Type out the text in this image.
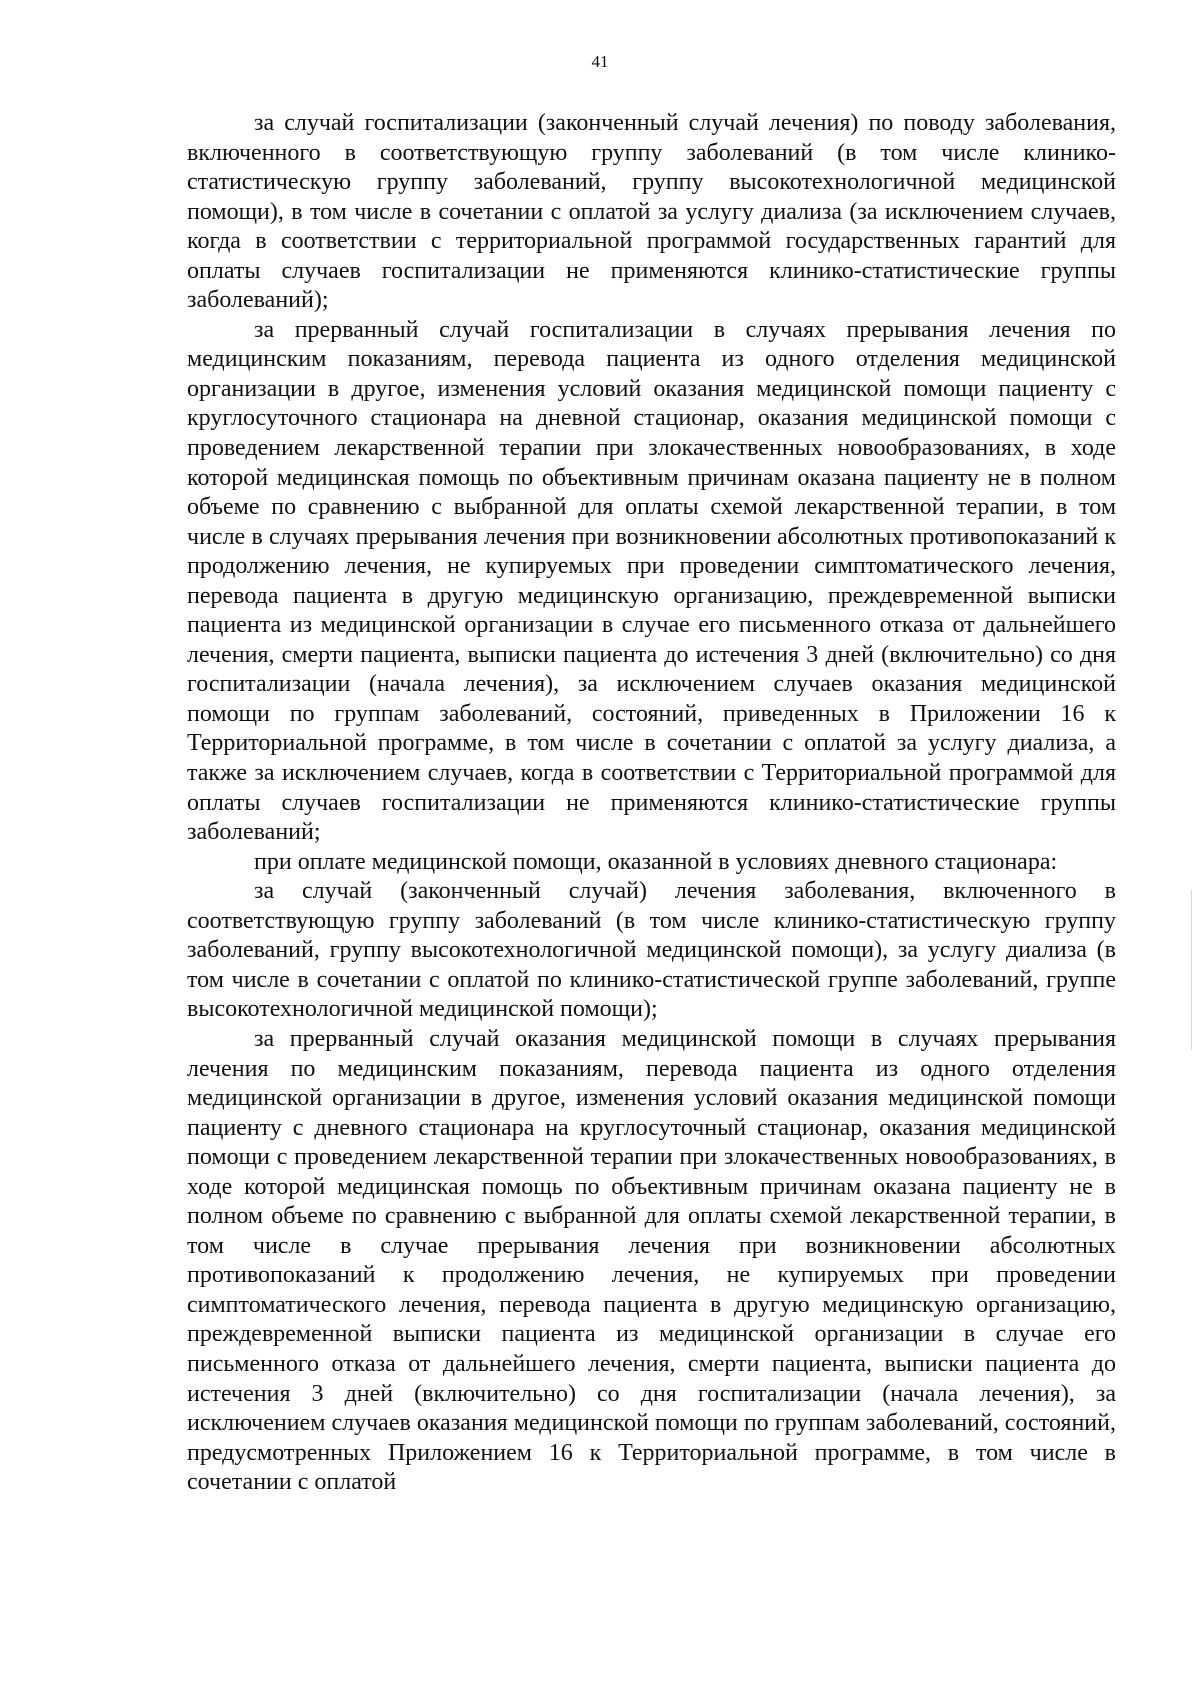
41

за случай госпитализации (законченный случай лечения) по поводу заболевания, включенного в соответствующую группу заболеваний (в том числе клинико-статистическую группу заболеваний, группу высокотехнологичной медицинской помощи), в том числе в сочетании с оплатой за услугу диализа (за исключением случаев, когда в соответствии с территориальной программой государственных гарантий для оплаты случаев госпитализации не применяются клинико-статистические группы заболеваний);

за прерванный случай госпитализации в случаях прерывания лечения по медицинским показаниям, перевода пациента из одного отделения медицинской организации в другое, изменения условий оказания медицинской помощи пациенту с круглосуточного стационара на дневной стационар, оказания медицинской помощи с проведением лекарственной терапии при злокачественных новообразованиях, в ходе которой медицинская помощь по объективным причинам оказана пациенту не в полном объеме по сравнению с выбранной для оплаты схемой лекарственной терапии, в том числе в случаях прерывания лечения при возникновении абсолютных противопоказаний к продолжению лечения, не купируемых при проведении симптоматического лечения, перевода пациента в другую медицинскую организацию, преждевременной выписки пациента из медицинской организации в случае его письменного отказа от дальнейшего лечения, смерти пациента, выписки пациента до истечения 3 дней (включительно) со дня госпитализации (начала лечения), за исключением случаев оказания медицинской помощи по группам заболеваний, состояний, приведенных в Приложении 16 к Территориальной программе, в том числе в сочетании с оплатой за услугу диализа, а также за исключением случаев, когда в соответствии с Территориальной программой для оплаты случаев госпитализации не применяются клинико-статистические группы заболеваний;

при оплате медицинской помощи, оказанной в условиях дневного стационара:

за случай (законченный случай) лечения заболевания, включенного в соответствующую группу заболеваний (в том числе клинико-статистическую группу заболеваний, группу высокотехнологичной медицинской помощи), за услугу диализа (в том числе в сочетании с оплатой по клинико-статистической группе заболеваний, группе высокотехнологичной медицинской помощи);

за прерванный случай оказания медицинской помощи в случаях прерывания лечения по медицинским показаниям, перевода пациента из одного отделения медицинской организации в другое, изменения условий оказания медицинской помощи пациенту с дневного стационара на круглосуточный стационар, оказания медицинской помощи с проведением лекарственной терапии при злокачественных новообразованиях, в ходе которой медицинская помощь по объективным причинам оказана пациенту не в полном объеме по сравнению с выбранной для оплаты схемой лекарственной терапии, в том числе в случае прерывания лечения при возникновении абсолютных противопоказаний к продолжению лечения, не купируемых при проведении симптоматического лечения, перевода пациента в другую медицинскую организацию, преждевременной выписки пациента из медицинской организации в случае его письменного отказа от дальнейшего лечения, смерти пациента, выписки пациента до истечения 3 дней (включительно) со дня госпитализации (начала лечения), за исключением случаев оказания медицинской помощи по группам заболеваний, состояний, предусмотренных Приложением 16 к Территориальной программе, в том числе в сочетании с оплатой
